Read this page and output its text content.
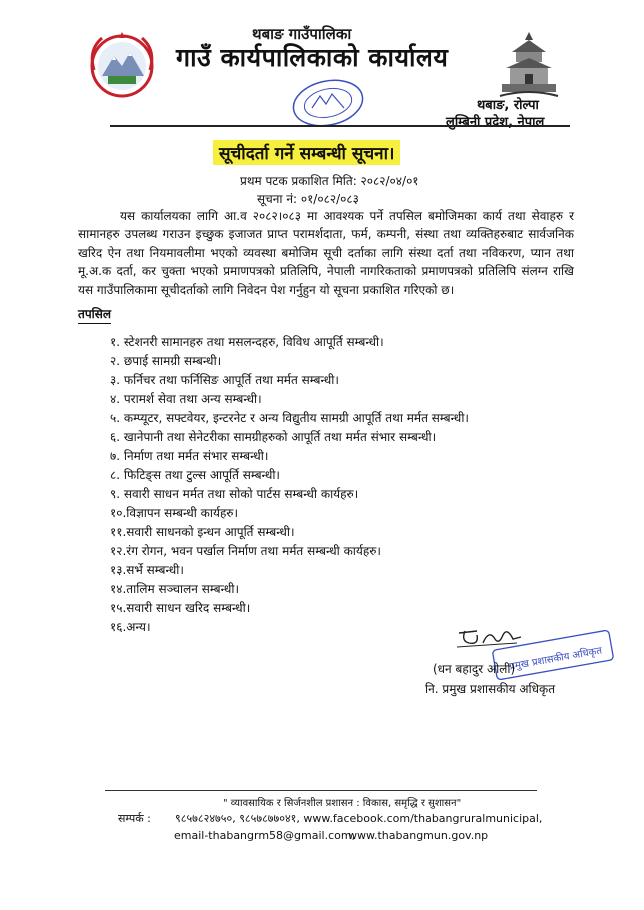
थबाङ गाउँपालिका
गाउँ कार्यपालिकाको कार्यालय
थबाङ, रोल्पा
लुम्बिनी प्रदेश, नेपाल
सूचीदर्ता गर्ने सम्बन्धी सूचना।
प्रथम पटक प्रकाशित मिति: २०८२/०४/०१
सूचना नं: ०१/०८२/०८३
यस कार्यालयका लागि आ.व २०८२।०८३ मा आवश्यक पर्ने तपसिल बमोजिमका कार्य तथा सेवाहरु र सामानहरु उपलब्ध गराउन इच्छुक इजाजत प्राप्त परामर्शदाता, फर्म, कम्पनी, संस्था तथा व्यक्तिहरुबाट सार्वजनिक खरिद ऐन तथा नियमावलीमा भएको व्यवस्था बमोजिम सूची दर्ताका लागि संस्था दर्ता तथा नविकरण, प्यान तथा मू.अ.क दर्ता, कर चुक्ता भएको प्रमाणपत्रको प्रतिलिपि, नेपाली नागरिकताको प्रमाणपत्रको प्रतिलिपि संलग्न राखि यस गाउँपालिकामा सूचीदर्ताको लागि निवेदन पेश गर्नुहुन यो सूचना प्रकाशित गरिएको छ।
तपसिल
१. स्टेशनरी सामानहरु तथा मसलन्दहरु, विविध आपूर्ति सम्बन्धी।
२. छपाई सामग्री सम्बन्धी।
३. फर्निचर तथा फर्निसिङ आपूर्ति तथा मर्मत सम्बन्धी।
४. परामर्श सेवा तथा अन्य सम्बन्धी।
५. कम्प्यूटर, सफ्टवेयर, इन्टरनेट र अन्य विद्युतीय सामग्री आपूर्ति तथा मर्मत सम्बन्धी।
६. खानेपानी तथा सेनेटरीका सामग्रीहरुको आपूर्ति तथा मर्मत संभार सम्बन्धी।
७. निर्माण तथा मर्मत संभार सम्बन्धी।
८. फिटिङ्स तथा टुल्स आपूर्ति सम्बन्धी।
९. सवारी साधन मर्मत तथा सोको पार्टस सम्बन्धी कार्यहरु।
१०.विज्ञापन सम्बन्धी कार्यहरु।
११.सवारी साधनको इन्धन आपूर्ति सम्बन्धी।
१२.रंग रोगन, भवन पर्खाल निर्माण तथा मर्मत सम्बन्धी कार्यहरु।
१३.सर्भे सम्बन्धी।
१४.तालिम सञ्चालन सम्बन्धी।
१५.सवारी साधन खरिद सम्बन्धी।
१६.अन्य।
प्रमुख प्रशासकीय अधिकृत
(धन बहादुर ओली)
नि. प्रमुख प्रशासकीय अधिकृत
" व्यावसायिक र सिर्जनशील प्रशासन : विकास, समृद्धि र सुशासन"
सम्पर्क : ९८५७८२४७५०, ९८५७८७७०४१, www.facebook.com/thabangruralmunicipal,
email-thabangrm58@gmail.com,
www.thabangmun.gov.np
